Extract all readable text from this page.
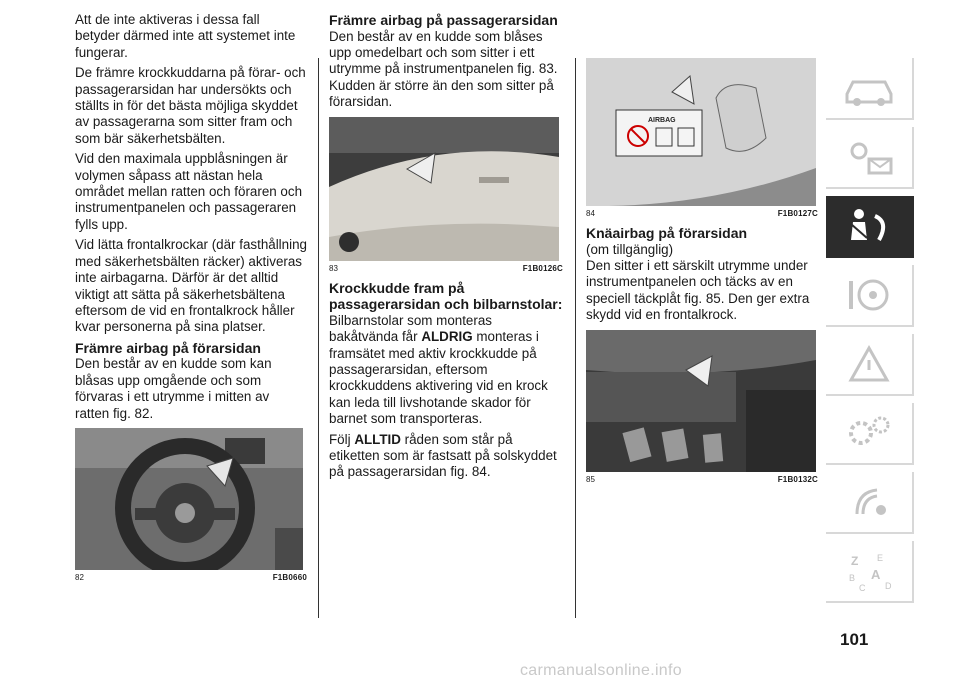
Att de inte aktiveras i dessa fall betyder därmed inte att systemet inte fungerar.

De främre krockkuddarna på förar- och passagerarsidan har undersökts och ställts in för det bästa möjliga skyddet av passagerarna som sitter fram och som bär säkerhetsbälten.

Vid den maximala uppblåsningen är volymen såpass att nästan hela området mellan ratten och föraren och instrumentpanelen och passageraren fylls upp.

Vid lätta frontalkrockar (där fasthållning med säkerhetsbälten räcker) aktiveras inte airbagarna. Därför är det alltid viktigt att sätta på säkerhetsbältena eftersom de vid en frontalkrock håller kvar personerna på sina platser.

Främre airbag på förarsidan

Den består av en kudde som kan blåsas upp omgående och som förvaras i ett utrymme i mitten av ratten fig. 82.

82	F1B0660
Främre airbag på passagerarsidan

Den består av en kudde som blåses upp omedelbart och som sitter i ett utrymme på instrumentpanelen fig. 83. Kudden är större än den som sitter på förarsidan.

83	F1B0126C
Krockkudde fram på passagerarsidan och bilbarnstolar:

Bilbarnstolar som monteras bakåtvända får ALDRIG monteras i framsätet med aktiv krockkudde på passagerarsidan, eftersom krockkuddens aktivering vid en krock kan leda till livshotande skador för barnet som transporteras.

Följ ALLTID råden som står på etiketten som är fastsatt på solskyddet på passagerarsidan fig. 84.

AIRBAG
84	F1B0127C
Knäairbag på förarsidan

(om tillgänglig)

Den sitter i ett särskilt utrymme under instrumentpanelen och täcks av en speciell täckplåt fig. 85. Den ger extra skydd vid en frontalkrock.

85	F1B0132C
Z E
B A
C D
101
carmanualsonline.info
